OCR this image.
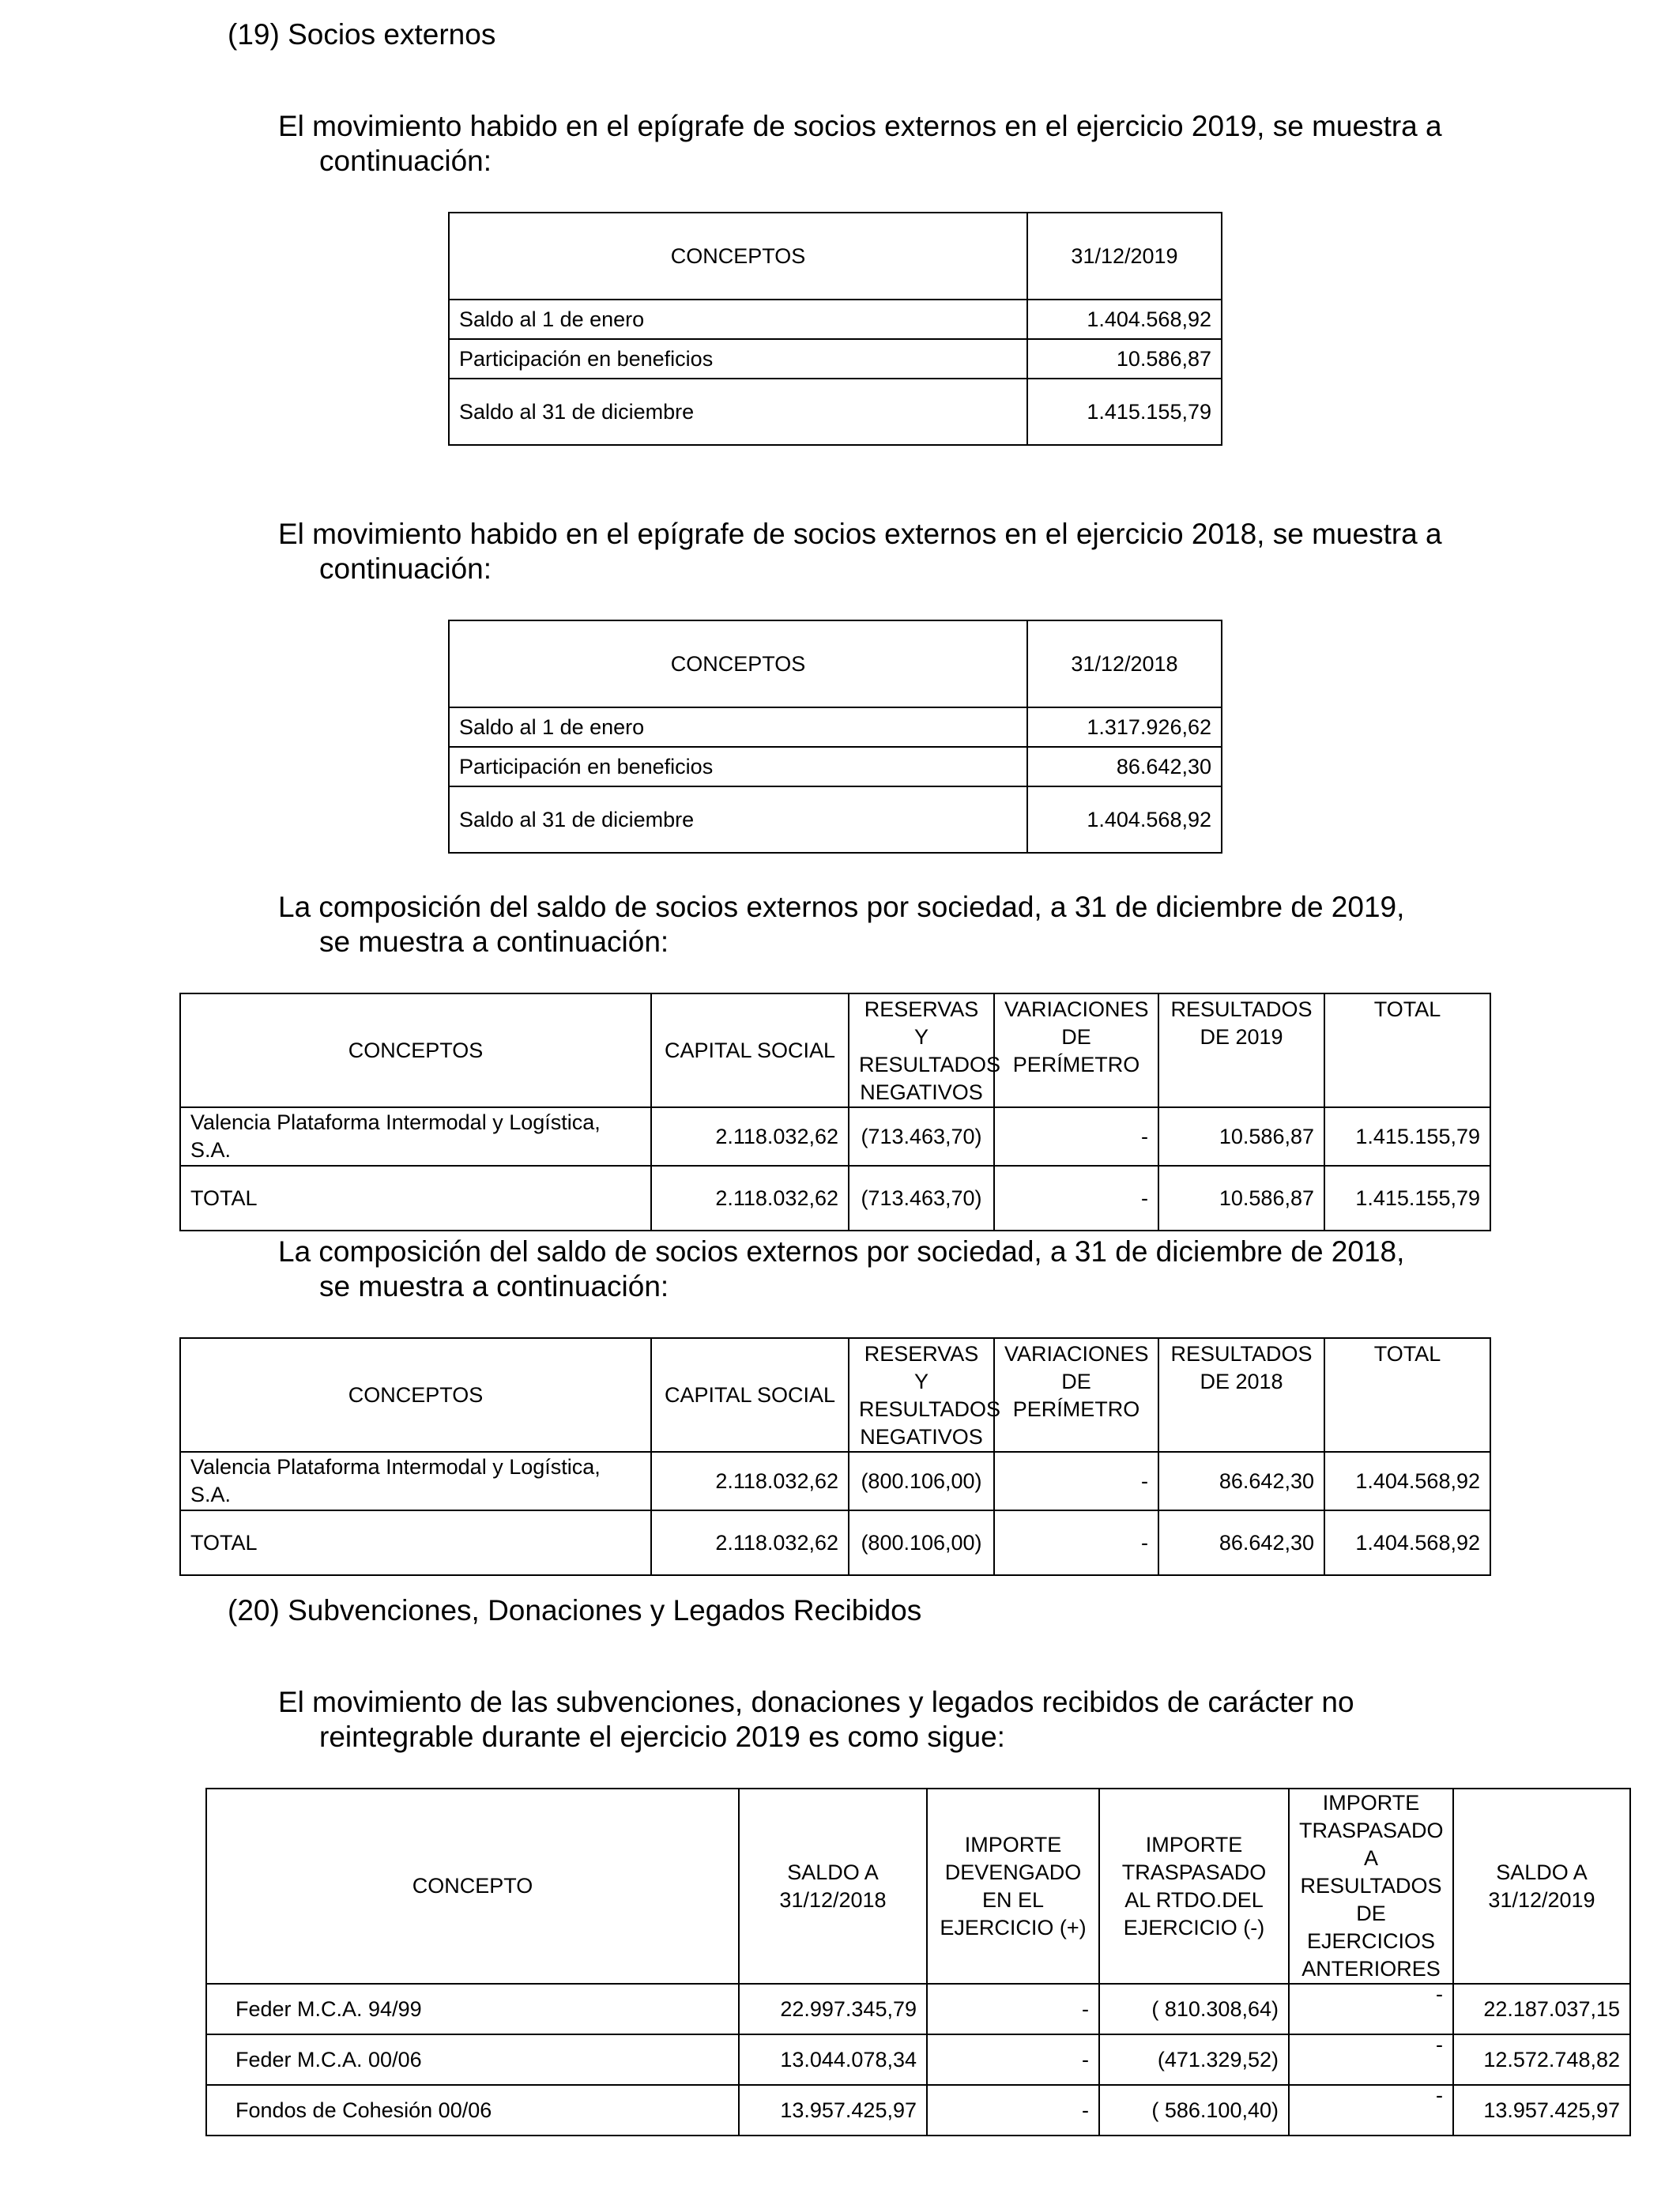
(19) Socios externos
El movimiento habido en el epígrafe de socios externos en el ejercicio 2019, se muestra a
continuación:
CONCEPTOS	31/12/2019
Saldo al 1 de enero	1.404.568,92
Participación en beneficios	10.586,87
Saldo al 31 de diciembre	1.415.155,79
El movimiento habido en el epígrafe de socios externos en el ejercicio 2018, se muestra a
continuación:
CONCEPTOS	31/12/2018
Saldo al 1 de enero	1.317.926,62
Participación en beneficios	86.642,30
Saldo al 31 de diciembre	1.404.568,92
La composición del saldo de socios externos por sociedad, a 31 de diciembre de 2019,
se muestra a continuación:
CONCEPTOS	CAPITAL SOCIAL	RESERVAS Y RESULTADOS NEGATIVOS	VARIACIONES DE PERÍMETRO	RESULTADOS DE 2019	TOTAL
Valencia Plataforma Intermodal y Logística, S.A.	2.118.032,62	(713.463,70)	-	10.586,87	1.415.155,79
TOTAL	2.118.032,62	(713.463,70)	-	10.586,87	1.415.155,79
La composición del saldo de socios externos por sociedad, a 31 de diciembre de 2018,
se muestra a continuación:
CONCEPTOS	CAPITAL SOCIAL	RESERVAS Y RESULTADOS NEGATIVOS	VARIACIONES DE PERÍMETRO	RESULTADOS DE 2018	TOTAL
Valencia Plataforma Intermodal y Logística, S.A.	2.118.032,62	(800.106,00)	-	86.642,30	1.404.568,92
TOTAL	2.118.032,62	(800.106,00)	-	86.642,30	1.404.568,92
(20) Subvenciones, Donaciones y Legados Recibidos
El movimiento de las subvenciones, donaciones y legados recibidos de carácter no
reintegrable durante el ejercicio 2019 es como sigue:
CONCEPTO	SALDO A 31/12/2018	IMPORTE DEVENGADO EN EL EJERCICIO (+)	IMPORTE TRASPASADO AL RTDO.DEL EJERCICIO (-)	IMPORTE TRASPASADO A RESULTADOS DE EJERCICIOS ANTERIORES	SALDO A 31/12/2019
Feder M.C.A. 94/99	22.997.345,79	-	( 810.308,64)	-	22.187.037,15
Feder M.C.A. 00/06	13.044.078,34	-	(471.329,52)	-	12.572.748,82
Fondos de Cohesión 00/06	13.957.425,97	-	( 586.100,40)	-	13.957.425,97
